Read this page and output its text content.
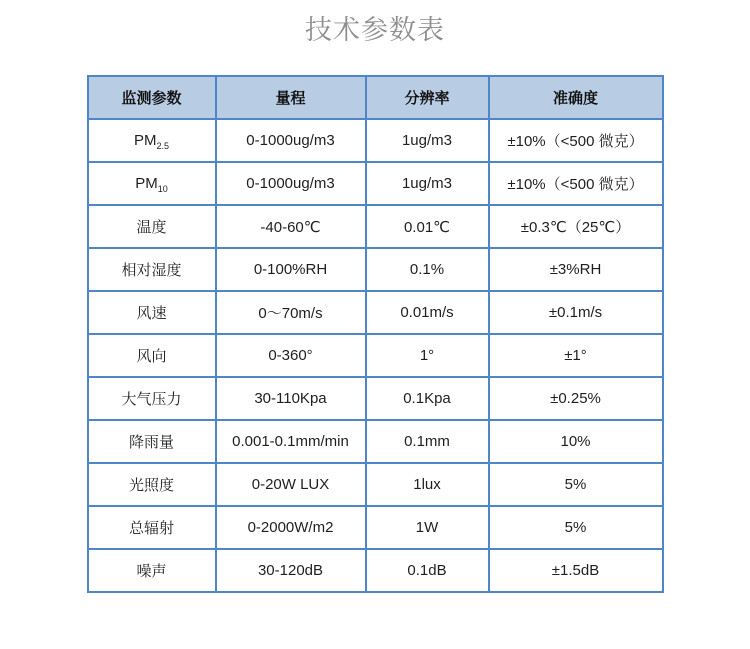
技术参数表
监测参数	量程	分辨率	准确度
$PM_{2.5}$	0-1000ug/m3	1ug/m3	±10%（<500 微克）
$PM_{10}$	0-1000ug/m3	1ug/m3	±10%（<500 微克）
温度	-40-60℃	0.01℃	±0.3℃（25℃）
相对湿度	0-100%RH	0.1%	±3%RH
风速	0～70m/s	0.01m/s	±0.1m/s
风向	0-360°	1°	±1°
大气压力	30-110Kpa	0.1Kpa	±0.25%
降雨量	0.001-0.1mm/min	0.1mm	10%
光照度	0-20W LUX	1lux	5%
总辐射	0-2000W/m2	1W	5%
噪声	30-120dB	0.1dB	±1.5dB
